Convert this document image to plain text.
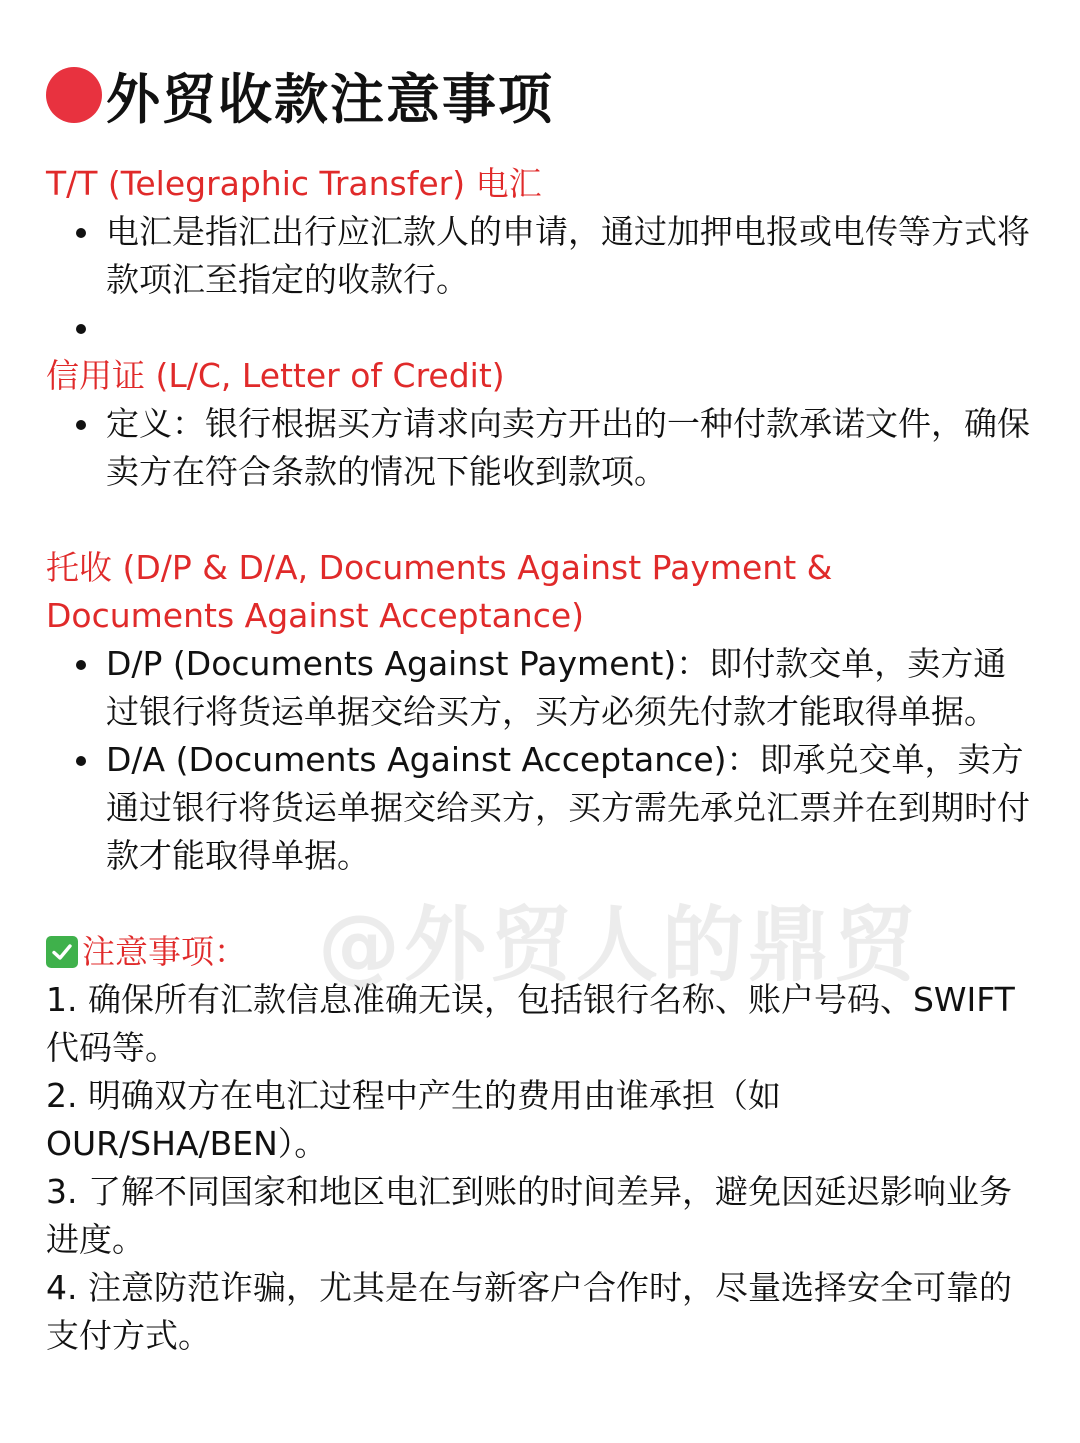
外贸收款注意事项
T/T (Telegraphic Transfer) 电汇
电汇是指汇出行应汇款人的申请，通过加押电报或电传等方式将款项汇至指定的收款行。
信用证 (L/C, Letter of Credit)
定义：银行根据买方请求向卖方开出的一种付款承诺文件，确保卖方在符合条款的情况下能收到款项。
托收 (D/P & D/A, Documents Against Payment &
Documents Against Acceptance)
D/P (Documents Against Payment)：即付款交单，卖方通过银行将货运单据交给买方，买方必须先付款才能取得单据。
D/A (Documents Against Acceptance)：即承兑交单，卖方通过银行将货运单据交给买方，买方需先承兑汇票并在到期时付款才能取得单据。
注意事项：

1. 确保所有汇款信息准确无误，包括银行名称、账户号码、SWIFT代码等。

2. 明确双方在电汇过程中产生的费用由谁承担（如OUR/SHA/BEN）。

3. 了解不同国家和地区电汇到账的时间差异，避免因延迟影响业务进度。

4. 注意防范诈骗，尤其是在与新客户合作时，尽量选择安全可靠的支付方式。

@外贸人的鼎贸
